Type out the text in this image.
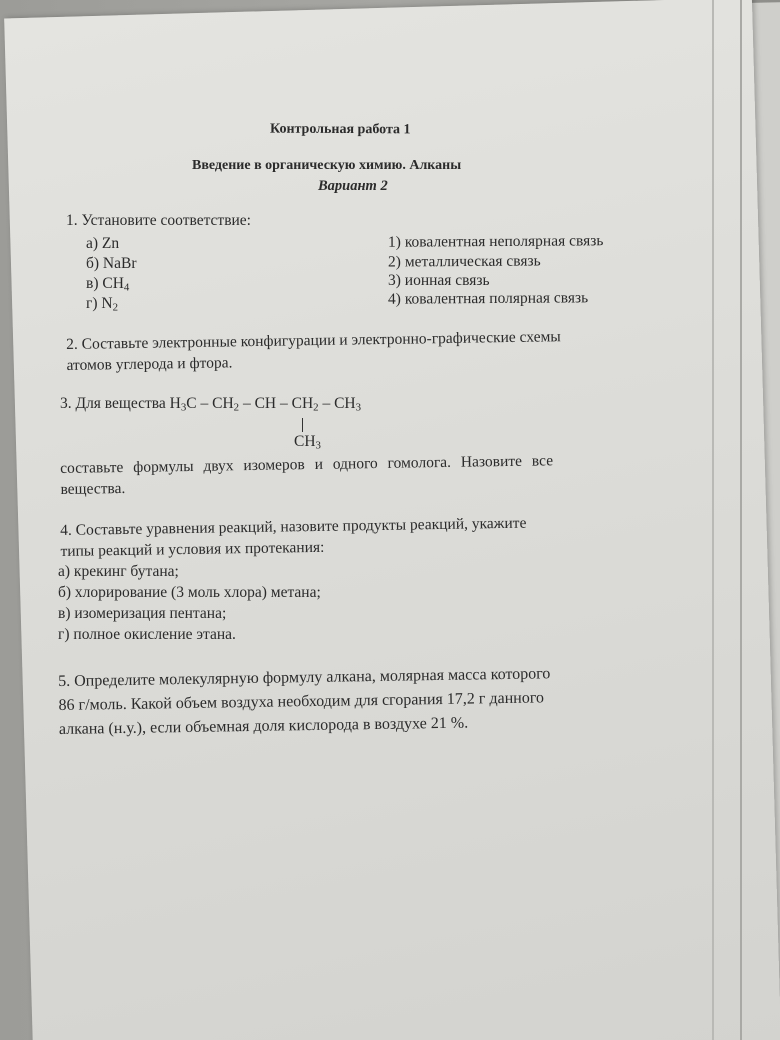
Контрольная работа 1
Введение в органическую химию. Алканы
Вариант 2
1. Установите соответствие:
а) Zn
б) NaBr
в) $CH_4$
г) $N_2$
1) ковалентная неполярная связь
2) металлическая связь
3) ионная связь
4) ковалентная полярная связь
2. Составьте электронные конфигурации и электронно-графические схемы
атомов углерода и фтора.
3. Для вещества $H_3C - CH_2$ – CH – $CH_2 - CH_3$
$CH_3$
составьте формулы двух изомеров и одного гомолога. Назовите все
вещества.
4. Составьте уравнения реакций, назовите продукты реакций, укажите
типы реакций и условия их протекания:
а) крекинг бутана;
б) хлорирование (3 моль хлора) метана;
в) изомеризация пентана;
г) полное окисление этана.
5. Определите молекулярную формулу алкана, молярная масса которого
86 г/моль. Какой объем воздуха необходим для сгорания 17,2 г данного
алкана (н.у.), если объемная доля кислорода в воздухе 21 %.
